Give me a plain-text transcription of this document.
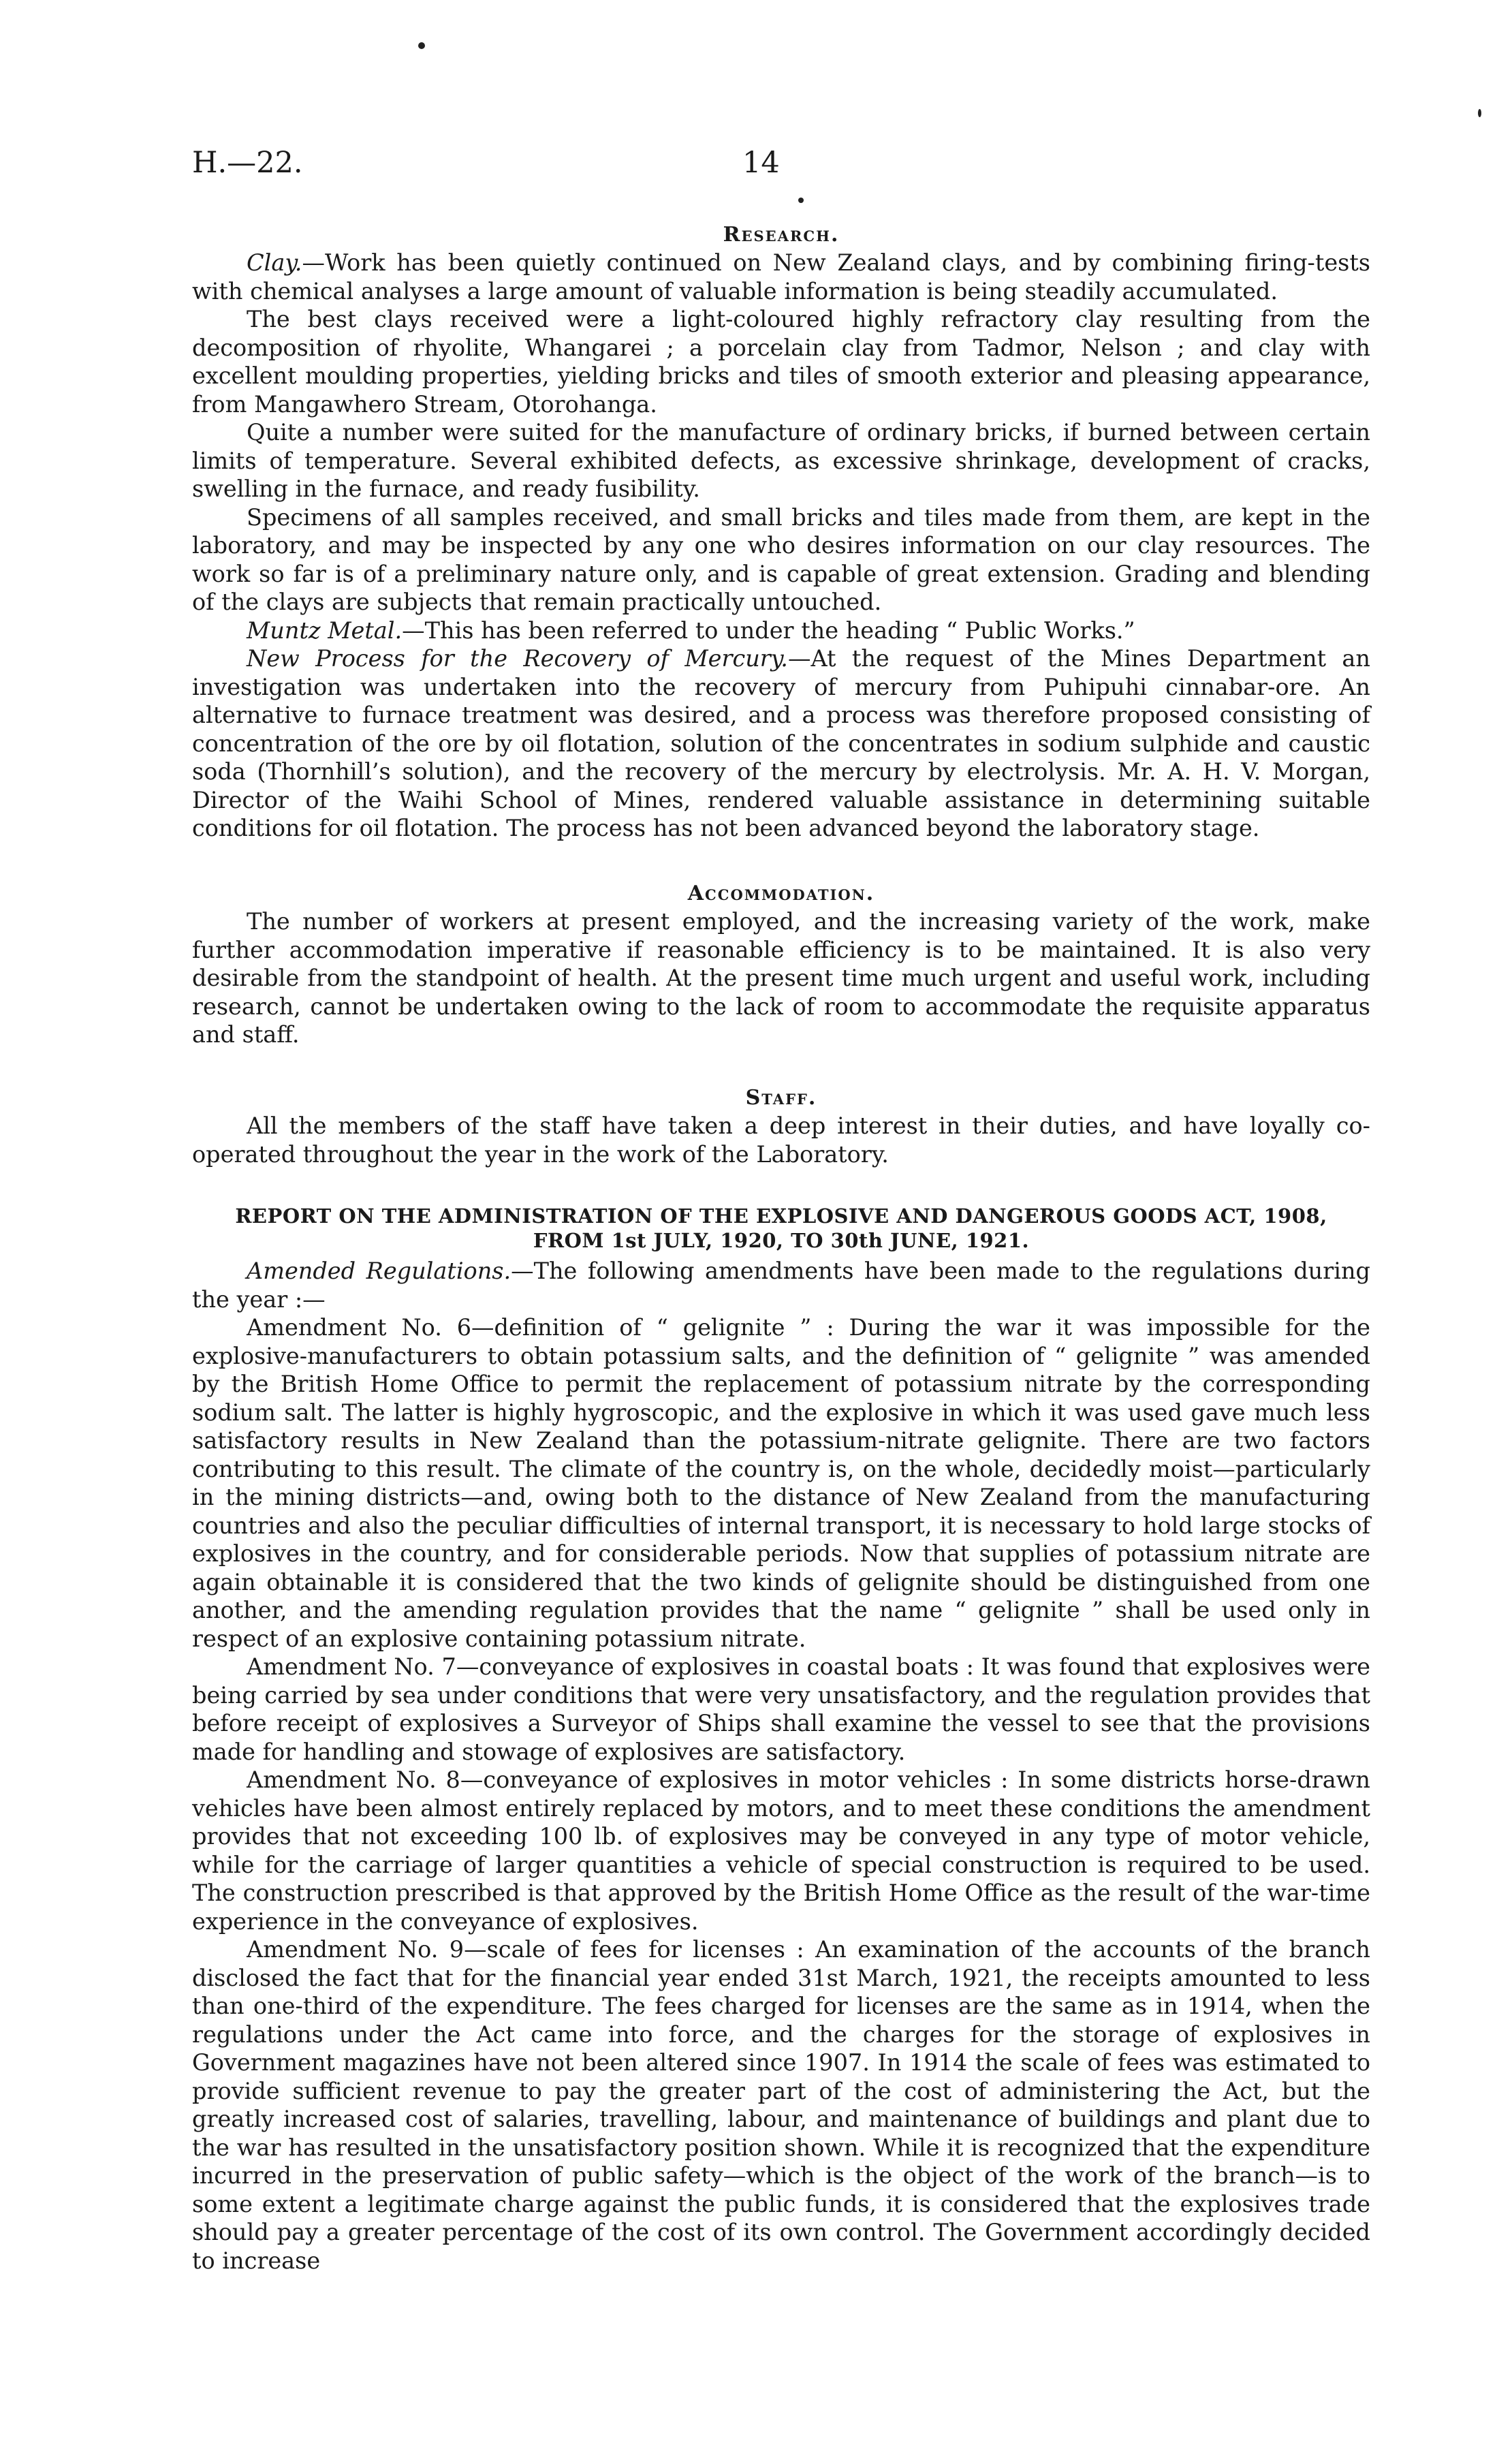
H.—22.	14
Research.

Clay.—Work has been quietly continued on New Zealand clays, and by combining firing-tests with chemical analyses a large amount of valuable information is being steadily accumulated.

The best clays received were a light-coloured highly refractory clay resulting from the decomposition of rhyolite, Whangarei ; a porcelain clay from Tadmor, Nelson ; and clay with excellent moulding properties, yielding bricks and tiles of smooth exterior and pleasing appearance, from Mangawhero Stream, Otorohanga.

Quite a number were suited for the manufacture of ordinary bricks, if burned between certain limits of temperature. Several exhibited defects, as excessive shrinkage, development of cracks, swelling in the furnace, and ready fusibility.

Specimens of all samples received, and small bricks and tiles made from them, are kept in the laboratory, and may be inspected by any one who desires information on our clay resources. The work so far is of a preliminary nature only, and is capable of great extension. Grading and blending of the clays are subjects that remain practically untouched.

Muntz Metal.—This has been referred to under the heading “ Public Works.”

New Process for the Recovery of Mercury.—At the request of the Mines Department an investigation was undertaken into the recovery of mercury from Puhipuhi cinnabar-ore. An alternative to furnace treatment was desired, and a process was therefore proposed consisting of concentration of the ore by oil flotation, solution of the concentrates in sodium sulphide and caustic soda (Thornhill’s solution), and the recovery of the mercury by electrolysis. Mr. A. H. V. Morgan, Director of the Waihi School of Mines, rendered valuable assistance in determining suitable conditions for oil flotation. The process has not been advanced beyond the laboratory stage.

Accommodation.

The number of workers at present employed, and the increasing variety of the work, make further accommodation imperative if reasonable efficiency is to be maintained. It is also very desirable from the standpoint of health. At the present time much urgent and useful work, including research, cannot be undertaken owing to the lack of room to accommodate the requisite apparatus and staff.

Staff.

All the members of the staff have taken a deep interest in their duties, and have loyally co-operated throughout the year in the work of the Laboratory.

REPORT ON THE ADMINISTRATION OF THE EXPLOSIVE AND DANGEROUS GOODS ACT, 1908,
FROM 1st JULY, 1920, TO 30th JUNE, 1921.

Amended Regulations.—The following amendments have been made to the regulations during the year :—

Amendment No. 6—definition of “ gelignite ” : During the war it was impossible for the explosive-manufacturers to obtain potassium salts, and the definition of “ gelignite ” was amended by the British Home Office to permit the replacement of potassium nitrate by the corresponding sodium salt. The latter is highly hygroscopic, and the explosive in which it was used gave much less satisfactory results in New Zealand than the potassium-nitrate gelignite. There are two factors contributing to this result. The climate of the country is, on the whole, decidedly moist—particularly in the mining districts—and, owing both to the distance of New Zealand from the manufacturing countries and also the peculiar difficulties of internal transport, it is necessary to hold large stocks of explosives in the country, and for considerable periods. Now that supplies of potassium nitrate are again obtainable it is considered that the two kinds of gelignite should be distinguished from one another, and the amending regulation provides that the name “ gelignite ” shall be used only in respect of an explosive containing potassium nitrate.

Amendment No. 7—conveyance of explosives in coastal boats : It was found that explosives were being carried by sea under conditions that were very unsatisfactory, and the regulation provides that before receipt of explosives a Surveyor of Ships shall examine the vessel to see that the provisions made for handling and stowage of explosives are satisfactory.

Amendment No. 8—conveyance of explosives in motor vehicles : In some districts horse-drawn vehicles have been almost entirely replaced by motors, and to meet these conditions the amendment provides that not exceeding 100 lb. of explosives may be conveyed in any type of motor vehicle, while for the carriage of larger quantities a vehicle of special construction is required to be used. The construction prescribed is that approved by the British Home Office as the result of the war-time experience in the conveyance of explosives.

Amendment No. 9—scale of fees for licenses : An examination of the accounts of the branch disclosed the fact that for the financial year ended 31st March, 1921, the receipts amounted to less than one-third of the expenditure. The fees charged for licenses are the same as in 1914, when the regulations under the Act came into force, and the charges for the storage of explosives in Government magazines have not been altered since 1907. In 1914 the scale of fees was estimated to provide sufficient revenue to pay the greater part of the cost of administering the Act, but the greatly increased cost of salaries, travelling, labour, and maintenance of buildings and plant due to the war has resulted in the unsatisfactory position shown. While it is recognized that the expenditure incurred in the preservation of public safety—which is the object of the work of the branch—is to some extent a legitimate charge against the public funds, it is considered that the explosives trade should pay a greater percentage of the cost of its own control. The Government accordingly decided to increase
